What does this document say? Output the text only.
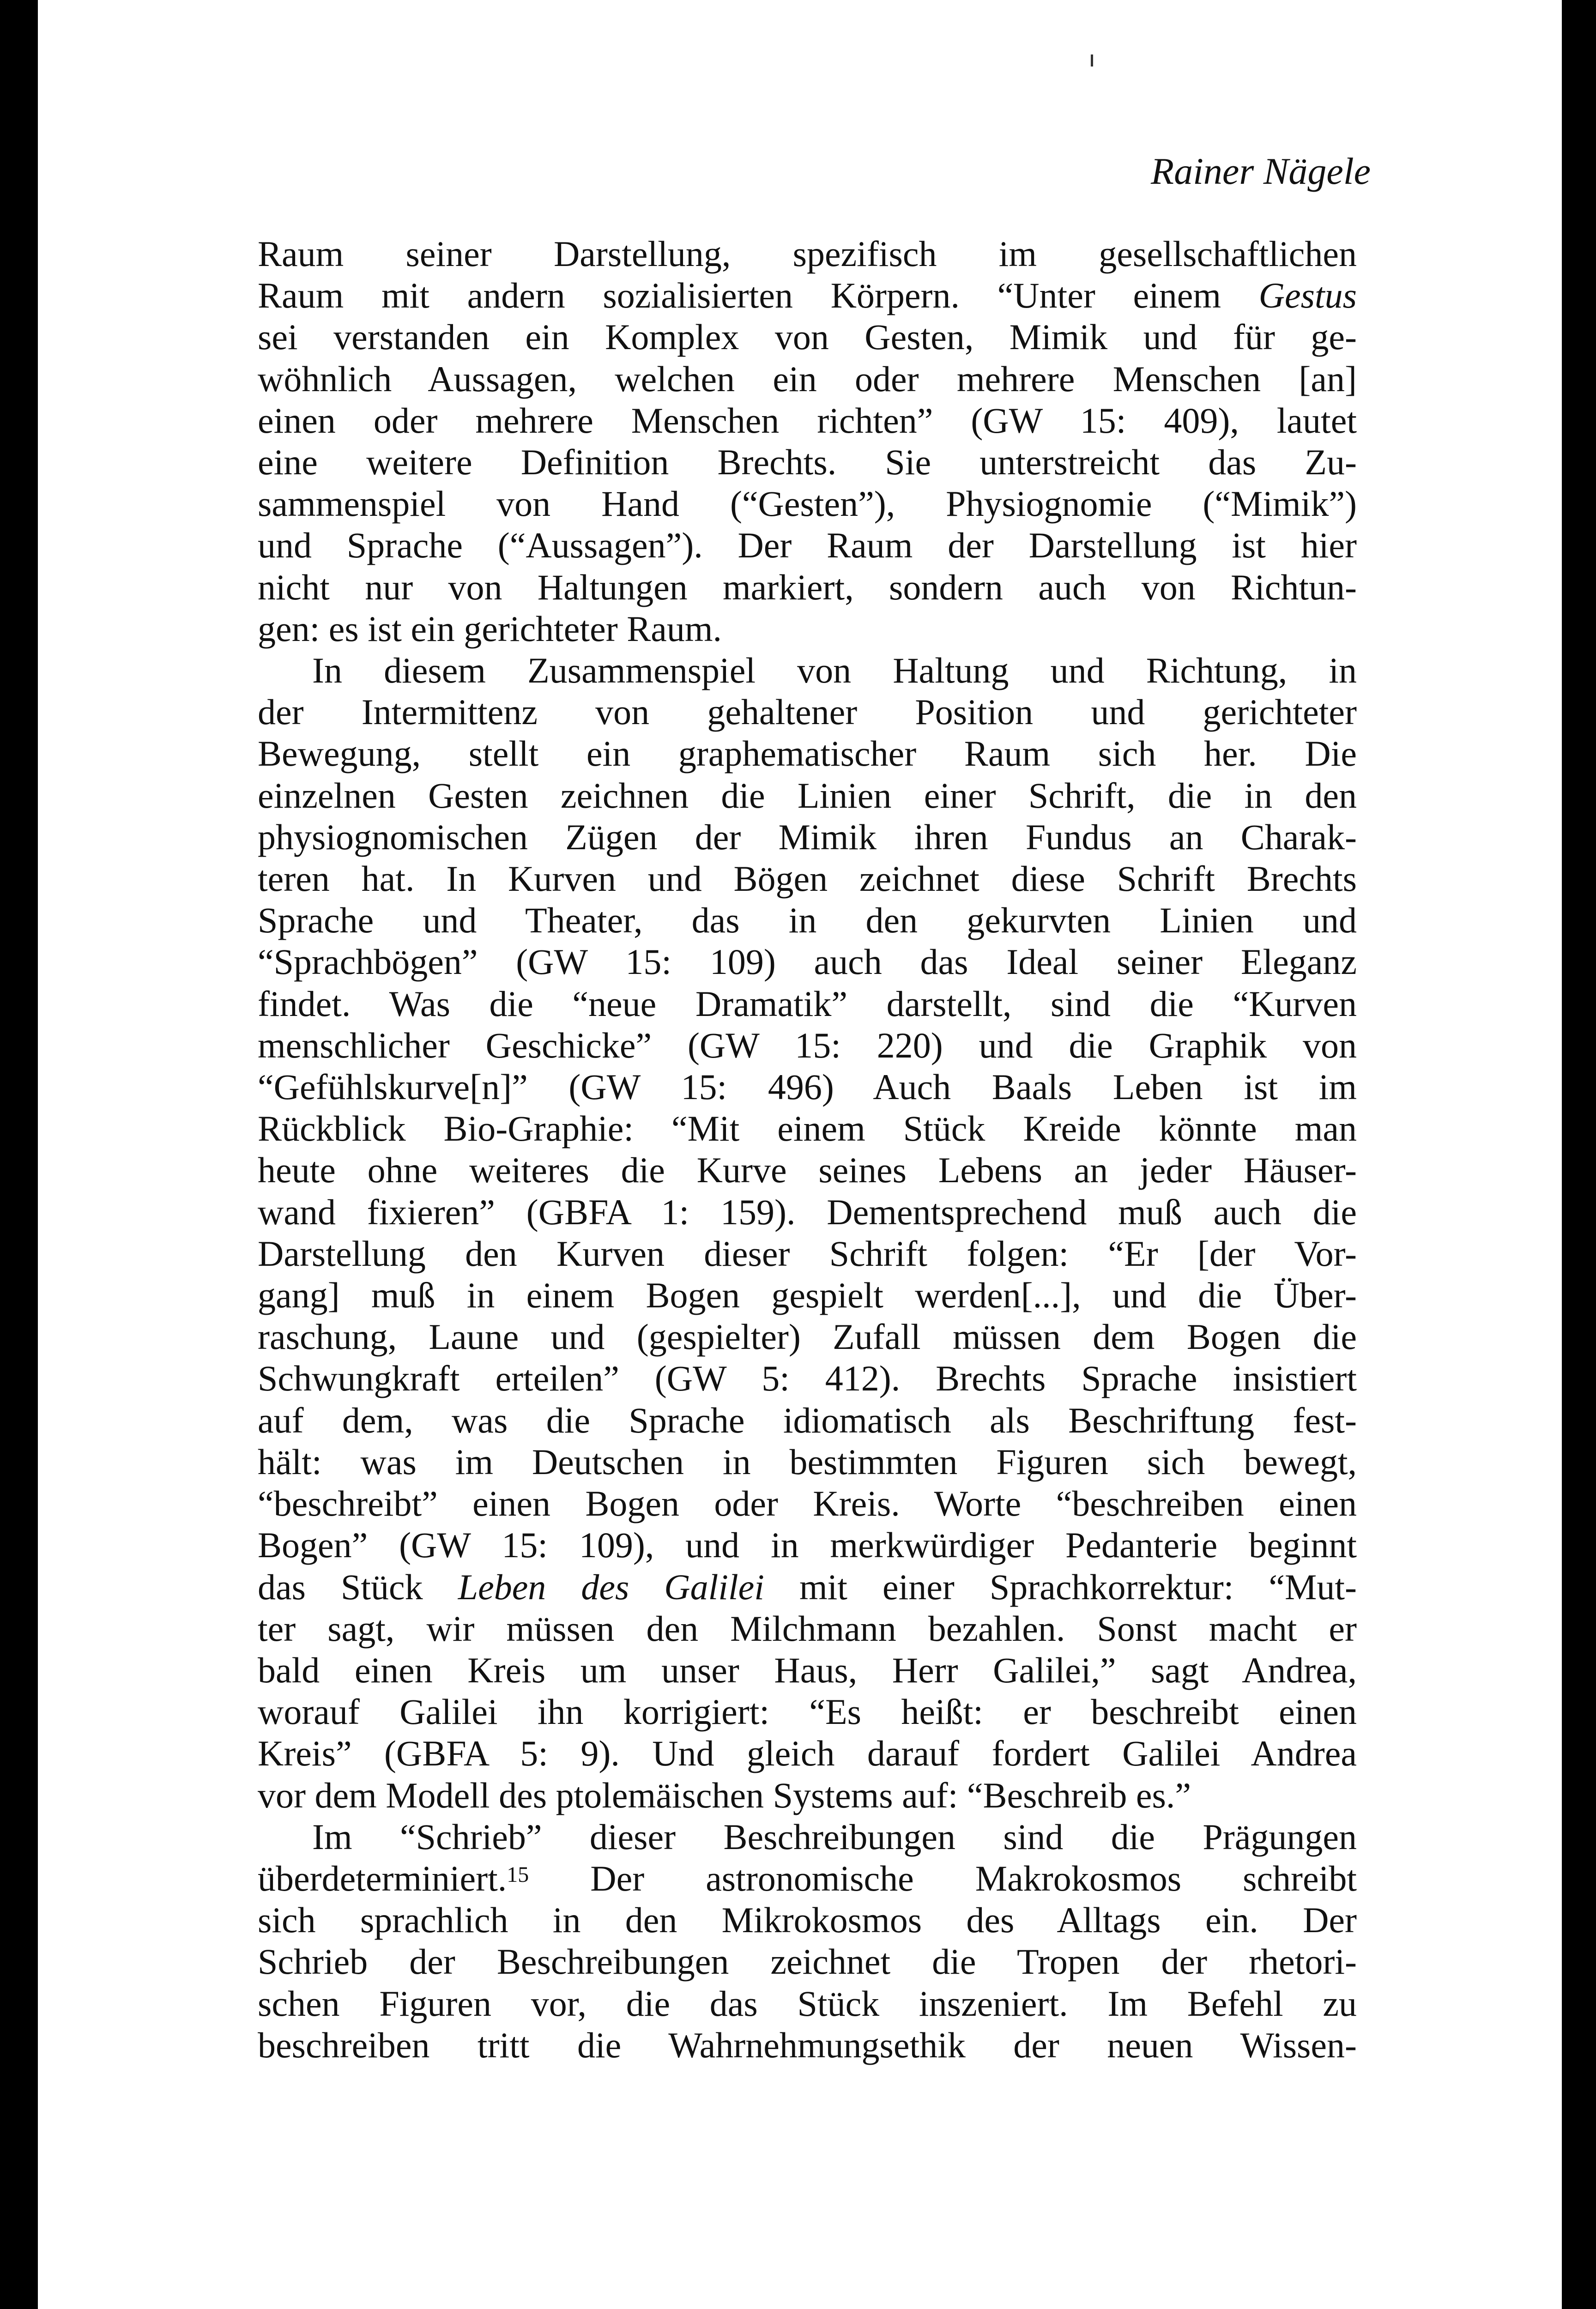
Rainer Nägele
Raum seiner Darstellung, spezifisch im gesellschaftlichen
Raum mit andern sozialisierten Körpern. “Unter einem Gestus
sei verstanden ein Komplex von Gesten, Mimik und für ge-
wöhnlich Aussagen, welchen ein oder mehrere Menschen [an]
einen oder mehrere Menschen richten” (GW 15: 409), lautet
eine weitere Definition Brechts. Sie unterstreicht das Zu-
sammenspiel von Hand (“Gesten”), Physiognomie (“Mimik”)
und Sprache (“Aussagen”). Der Raum der Darstellung ist hier
nicht nur von Haltungen markiert, sondern auch von Richtun-
gen: es ist ein gerichteter Raum.
In diesem Zusammenspiel von Haltung und Richtung, in
der Intermittenz von gehaltener Position und gerichteter
Bewegung, stellt ein graphematischer Raum sich her. Die
einzelnen Gesten zeichnen die Linien einer Schrift, die in den
physiognomischen Zügen der Mimik ihren Fundus an Charak-
teren hat. In Kurven und Bögen zeichnet diese Schrift Brechts
Sprache und Theater, das in den gekurvten Linien und
“Sprachbögen” (GW 15: 109) auch das Ideal seiner Eleganz
findet. Was die “neue Dramatik” darstellt, sind die “Kurven
menschlicher Geschicke” (GW 15: 220) und die Graphik von
“Gefühlskurve[n]” (GW 15: 496) Auch Baals Leben ist im
Rückblick Bio-Graphie: “Mit einem Stück Kreide könnte man
heute ohne weiteres die Kurve seines Lebens an jeder Häuser-
wand fixieren” (GBFA 1: 159). Dementsprechend muß auch die
Darstellung den Kurven dieser Schrift folgen: “Er [der Vor-
gang] muß in einem Bogen gespielt werden[...], und die Über-
raschung, Laune und (gespielter) Zufall müssen dem Bogen die
Schwungkraft erteilen” (GW 5: 412). Brechts Sprache insistiert
auf dem, was die Sprache idiomatisch als Beschriftung fest-
hält: was im Deutschen in bestimmten Figuren sich bewegt,
“beschreibt” einen Bogen oder Kreis. Worte “beschreiben einen
Bogen” (GW 15: 109), und in merkwürdiger Pedanterie beginnt
das Stück Leben des Galilei mit einer Sprachkorrektur: “Mut-
ter sagt, wir müssen den Milchmann bezahlen. Sonst macht er
bald einen Kreis um unser Haus, Herr Galilei,” sagt Andrea,
worauf Galilei ihn korrigiert: “Es heißt: er beschreibt einen
Kreis” (GBFA 5: 9). Und gleich darauf fordert Galilei Andrea
vor dem Modell des ptolemäischen Systems auf: “Beschreib es.”
Im “Schrieb” dieser Beschreibungen sind die Prägungen
überdeterminiert.$^{15}$ Der astronomische Makrokosmos schreibt
sich sprachlich in den Mikrokosmos des Alltags ein. Der
Schrieb der Beschreibungen zeichnet die Tropen der rhetori-
schen Figuren vor, die das Stück inszeniert. Im Befehl zu
beschreiben tritt die Wahrnehmungsethik der neuen Wissen-
